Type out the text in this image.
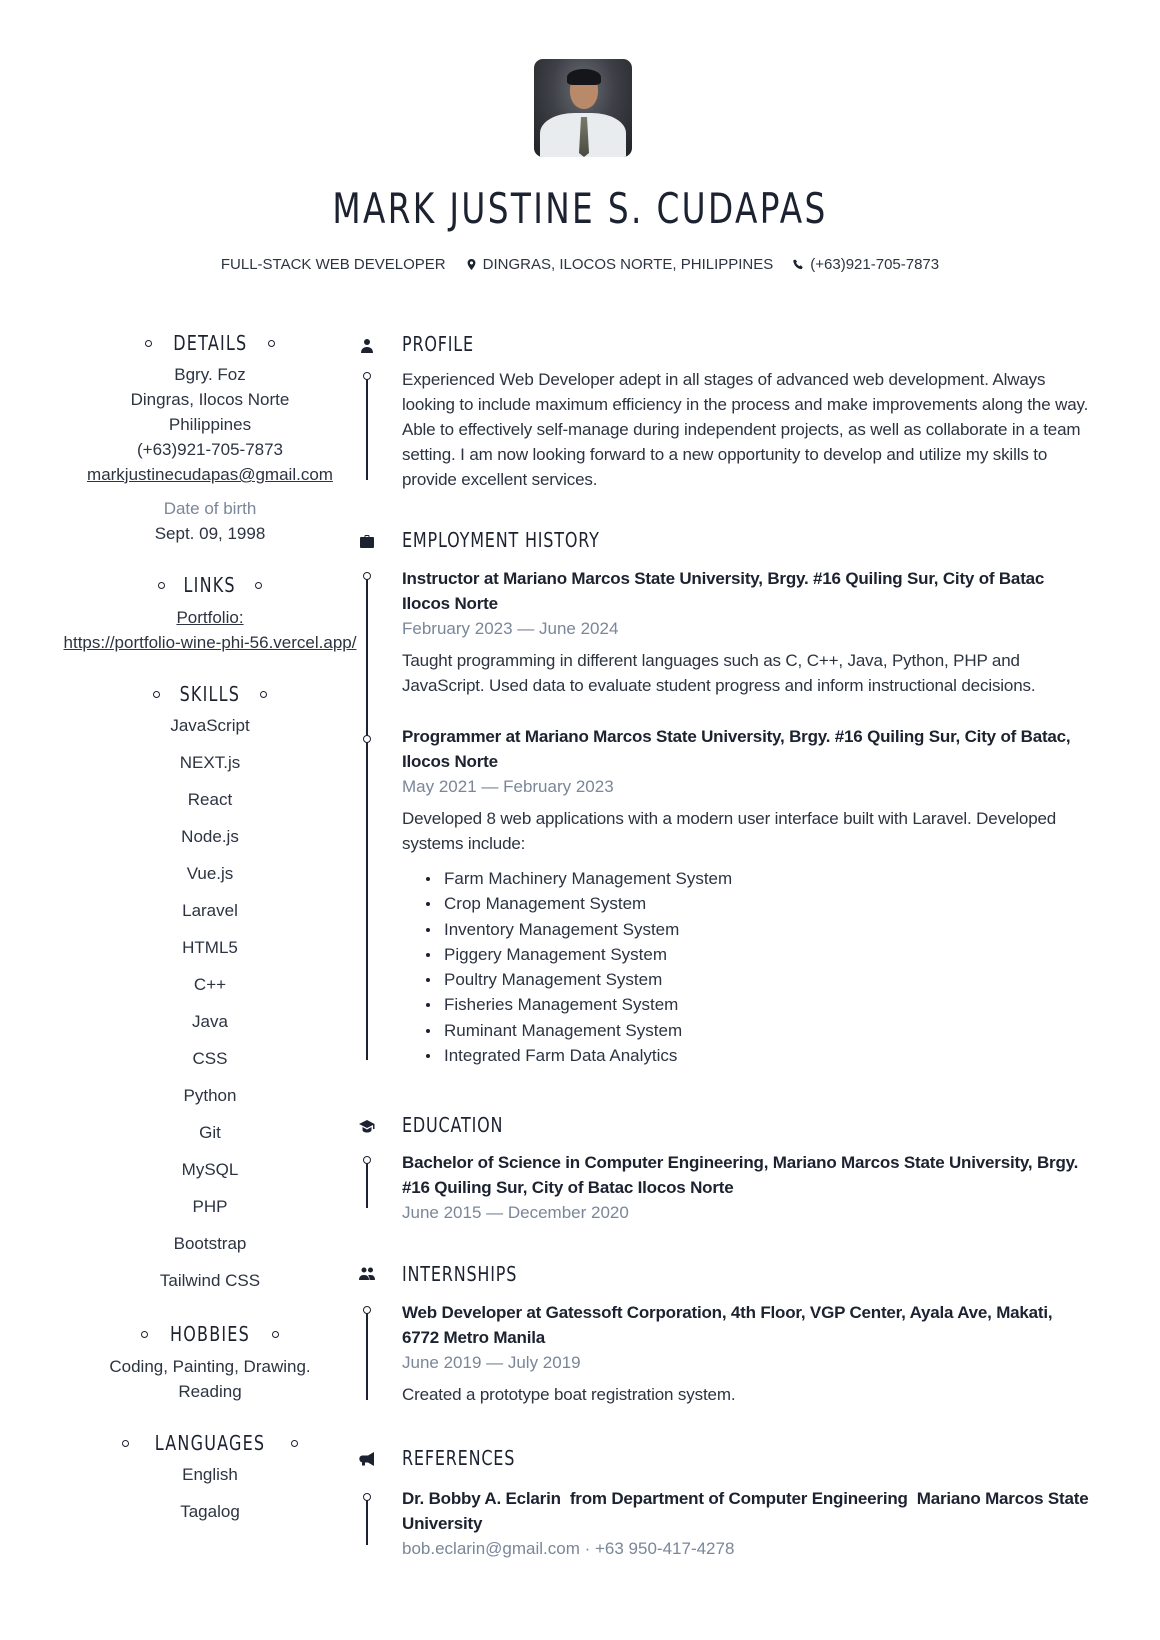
MARK JUSTINE S. CUDAPAS
FULL-STACK WEB DEVELOPER DINGRAS, ILOCOS NORTE, PHILIPPINES (+63)921-705-7873
DETAILS
Bgry. Foz
Dingras, Ilocos Norte
Philippines
(+63)921-705-7873
markjustinecudapas@gmail.com
Date of birth
Sept. 09, 1998
LINKS
Portfolio:
https://portfolio-wine-phi-56.vercel.app/
SKILLS
JavaScript
NEXT.js
React
Node.js
Vue.js
Laravel
HTML5
C++
Java
CSS
Python
Git
MySQL
PHP
Bootstrap
Tailwind CSS
HOBBIES
Coding, Painting, Drawing. Reading
LANGUAGES
English
Tagalog
PROFILE
Experienced Web Developer adept in all stages of advanced web development. Always looking to include maximum efficiency in the process and make improvements along the way. Able to effectively self-manage during independent projects, as well as collaborate in a team setting. I am now looking forward to a new opportunity to develop and utilize my skills to provide excellent services.
EMPLOYMENT HISTORY
Instructor at Mariano Marcos State University, Brgy. #16 Quiling Sur, City of Batac Ilocos Norte
February 2023 — June 2024
Taught programming in different languages such as C, C++, Java, Python, PHP and JavaScript. Used data to evaluate student progress and inform instructional decisions.
Programmer at Mariano Marcos State University, Brgy. #16 Quiling Sur, City of Batac, Ilocos Norte
May 2021 — February 2023
Developed 8 web applications with a modern user interface built with Laravel. Developed systems include:
Farm Machinery Management System
Crop Management System
Inventory Management System
Piggery Management System
Poultry Management System
Fisheries Management System
Ruminant Management System
Integrated Farm Data Analytics
EDUCATION
Bachelor of Science in Computer Engineering, Mariano Marcos State University, Brgy. #16 Quiling Sur, City of Batac Ilocos Norte
June 2015 — December 2020
INTERNSHIPS
Web Developer at Gatessoft Corporation, 4th Floor, VGP Center, Ayala Ave, Makati, 6772 Metro Manila
June 2019 — July 2019
Created a prototype boat registration system.
REFERENCES
Dr. Bobby A. Eclarin  from Department of Computer Engineering  Mariano Marcos State University
bob.eclarin@gmail.com · +63 950-417-4278
